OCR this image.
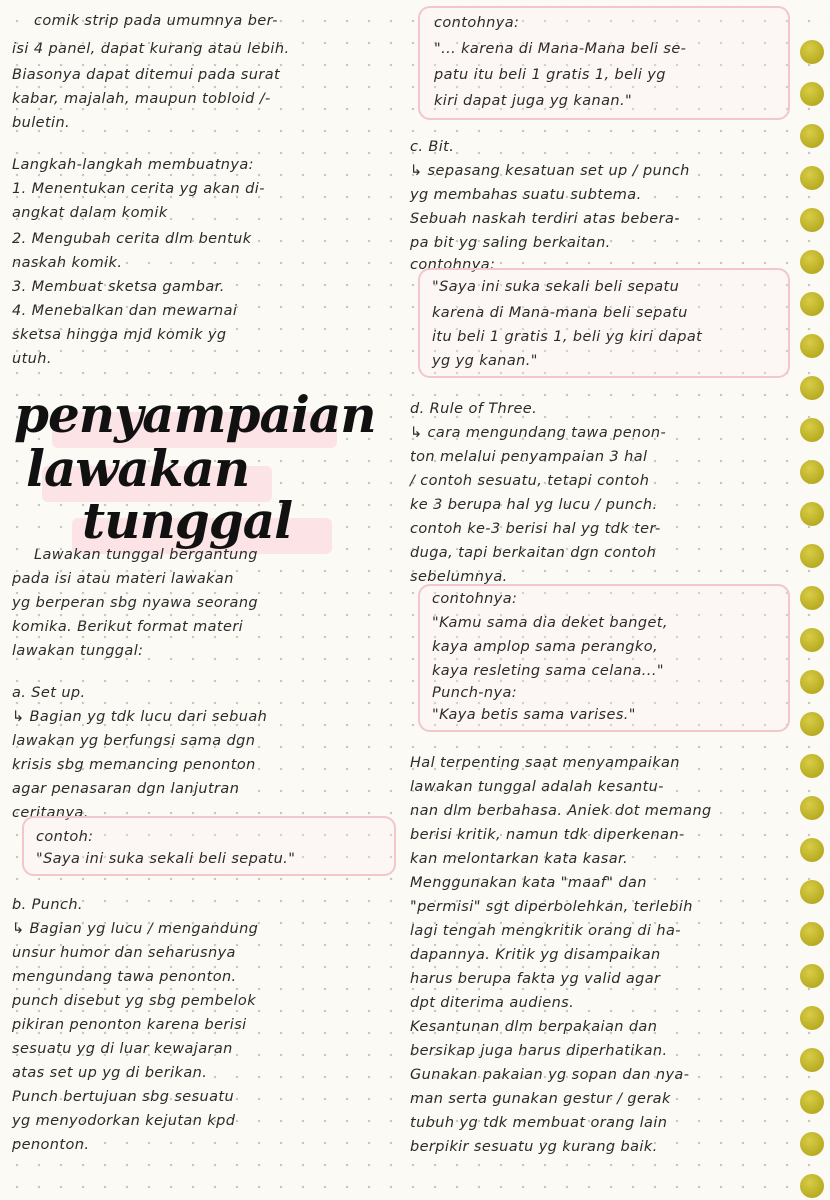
comik strip pada umumnya ber-
isi 4 panel, dapat kurang atau lebih.
Biasonya dapat ditemui pada surat
kabar, majalah, maupun tobloid /-
buletin.
Langkah-langkah membuatnya:
1. Menentukan cerita yg akan di-
angkat dalam komik
2. Mengubah cerita dlm bentuk
naskah komik.
3. Membuat sketsa gambar.
4. Menebalkan dan mewarnai
sketsa hingga mjd komik yg
utuh.
penyampaian
lawakan
tunggal
Lawakan tunggal bergantung
pada isi atau materi lawakan
yg berperan sbg nyawa seorang
komika. Berikut format materi
lawakan tunggal:
a. Set up.
↳ Bagian yg tdk lucu dari sebuah
lawakan yg berfungsi sama dgn
krisis sbg memancing penonton
agar penasaran dgn lanjutran
ceritanya.
contoh:
"Saya ini suka sekali beli sepatu."
b. Punch.
↳ Bagian yg lucu / mengandung
unsur humor dan seharusnya
mengundang tawa penonton.
punch disebut yg sbg pembelok
pikiran penonton karena berisi
sesuatu yg di luar kewajaran
atas set up yg di berikan.
Punch bertujuan sbg sesuatu
yg menyodorkan kejutan kpd
penonton.
contohnya:
"... karena di Mana-Mana beli se-
patu itu beli 1 gratis 1, beli yg
kiri dapat juga yg kanan."
c. Bit.
↳ sepasang kesatuan set up / punch
yg membahas suatu subtema.
Sebuah naskah terdiri atas bebera-
pa bit yg saling berkaitan.
contohnya:
"Saya ini suka sekali beli sepatu
karena di Mana-mana beli sepatu
itu beli 1 gratis 1, beli yg kiri dapat
yg yg kanan."
d. Rule of Three.
↳ cara mengundang tawa penon-
ton melalui penyampaian 3 hal
/ contoh sesuatu, tetapi contoh
ke 3 berupa hal yg lucu / punch.
contoh ke-3 berisi hal yg tdk ter-
duga, tapi berkaitan dgn contoh
sebelumnya.
contohnya:
"Kamu sama dia deket banget,
kaya amplop sama perangko,
kaya resleting sama celana..."
Punch-nya:
"Kaya betis sama varises."
Hal terpenting saat menyampaikan
lawakan tunggal adalah kesantu-
nan dlm berbahasa. Aniek dot memang
berisi kritik, namun tdk diperkenan-
kan melontarkan kata kasar.
Menggunakan kata "maaf" dan
"permisi" sgt diperbolehkan, terlebih
lagi tengah mengkritik orang di ha-
dapannya. Kritik yg disampaikan
harus berupa fakta yg valid agar
dpt diterima audiens.
Kesantunan dlm berpakaian dan
bersikap juga harus diperhatikan.
Gunakan pakaian yg sopan dan nya-
man serta gunakan gestur / gerak
tubuh yg tdk membuat orang lain
berpikir sesuatu yg kurang baik.
